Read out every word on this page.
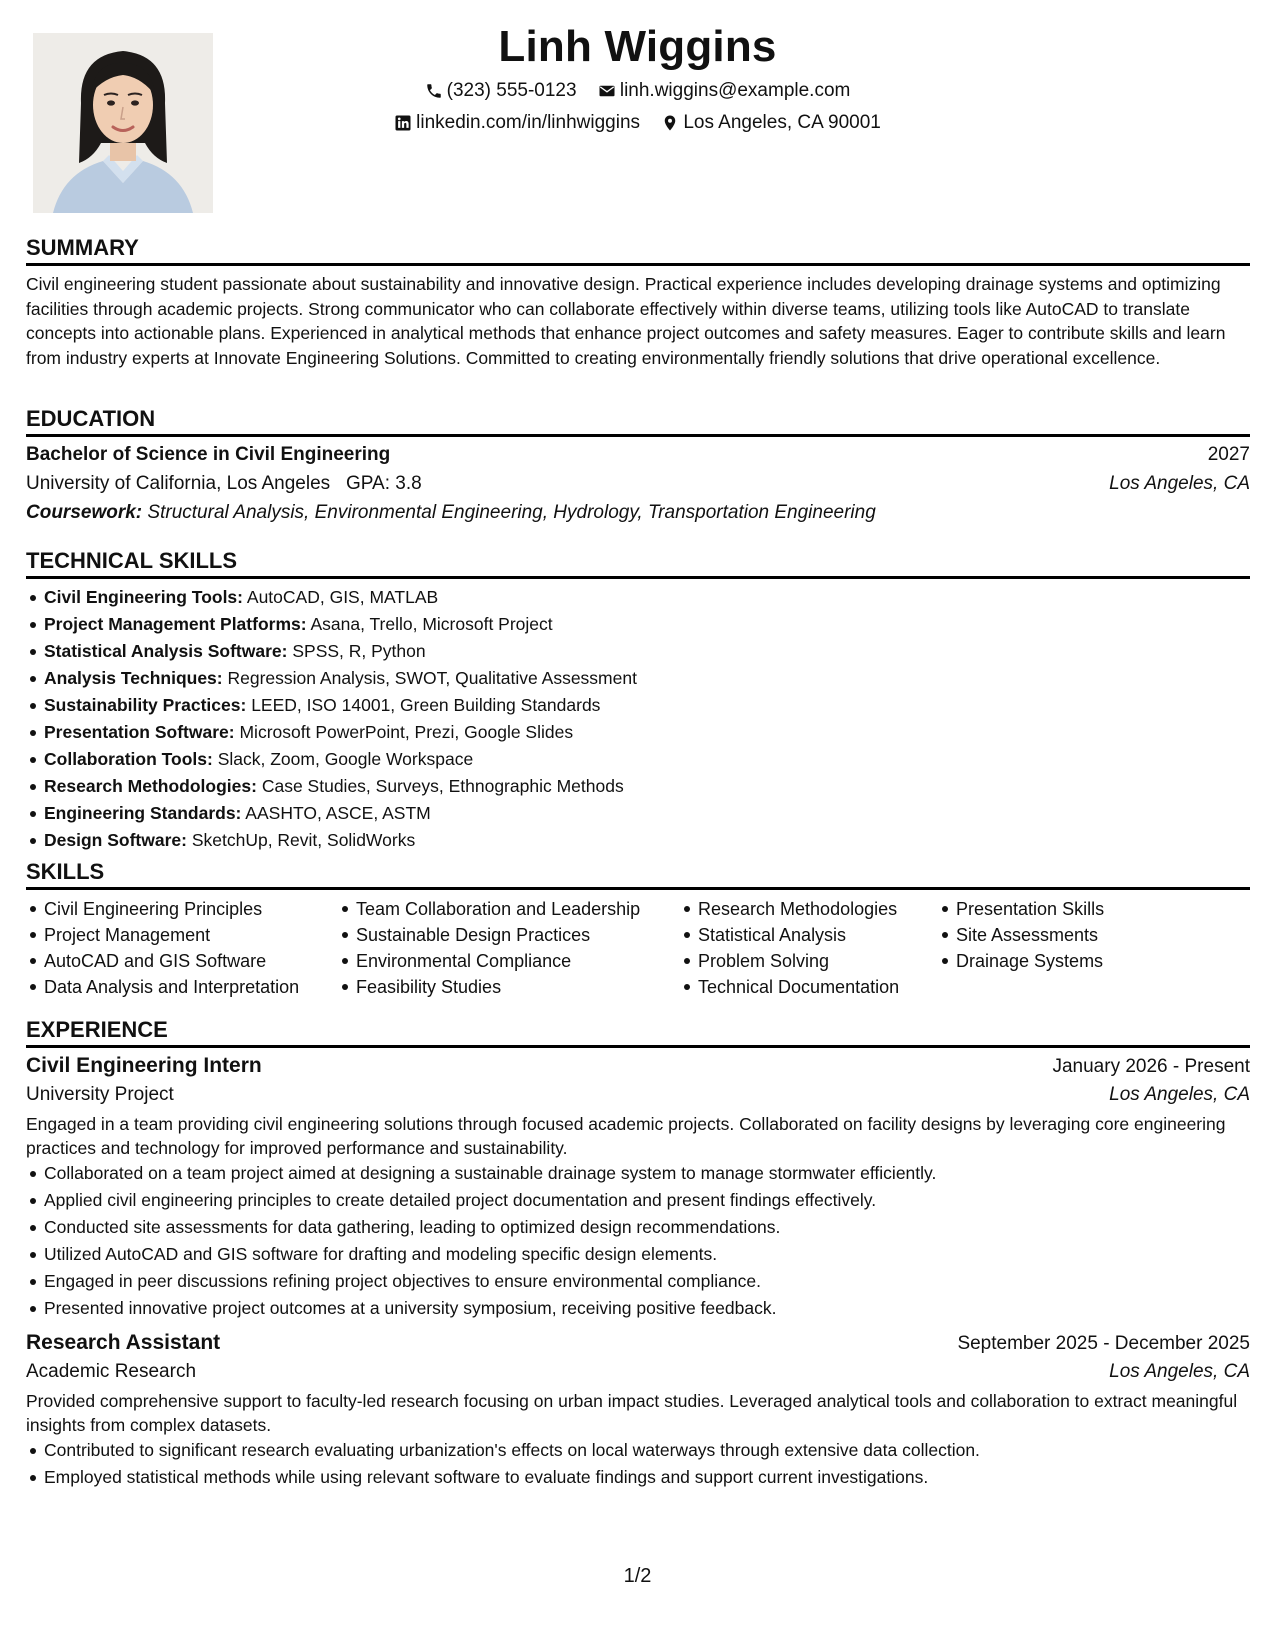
Linh Wiggins
(323) 555-0123
linh.wiggins@example.com
linkedin.com/in/linhwiggins
Los Angeles, CA 90001
SUMMARY
Civil engineering student passionate about sustainability and innovative design. Practical experience includes developing drainage systems and optimizing facilities through academic projects. Strong communicator who can collaborate effectively within diverse teams, utilizing tools like AutoCAD to translate concepts into actionable plans. Experienced in analytical methods that enhance project outcomes and safety measures. Eager to contribute skills and learn from industry experts at Innovate Engineering Solutions. Committed to creating environmentally friendly solutions that drive operational excellence.
EDUCATION
Bachelor of Science in Civil Engineering	2027
University of California, Los Angeles GPA: 3.8	Los Angeles, CA
Coursework: Structural Analysis, Environmental Engineering, Hydrology, Transportation Engineering
TECHNICAL SKILLS
Civil Engineering Tools: AutoCAD, GIS, MATLAB
Project Management Platforms: Asana, Trello, Microsoft Project
Statistical Analysis Software: SPSS, R, Python
Analysis Techniques: Regression Analysis, SWOT, Qualitative Assessment
Sustainability Practices: LEED, ISO 14001, Green Building Standards
Presentation Software: Microsoft PowerPoint, Prezi, Google Slides
Collaboration Tools: Slack, Zoom, Google Workspace
Research Methodologies: Case Studies, Surveys, Ethnographic Methods
Engineering Standards: AASHTO, ASCE, ASTM
Design Software: SketchUp, Revit, SolidWorks
SKILLS
Civil Engineering Principles
Project Management
AutoCAD and GIS Software
Data Analysis and Interpretation
Team Collaboration and Leadership
Sustainable Design Practices
Environmental Compliance
Feasibility Studies
Research Methodologies
Statistical Analysis
Problem Solving
Technical Documentation
Presentation Skills
Site Assessments
Drainage Systems
EXPERIENCE
Civil Engineering Intern	January 2026 - Present
University Project	Los Angeles, CA
Engaged in a team providing civil engineering solutions through focused academic projects. Collaborated on facility designs by leveraging core engineering practices and technology for improved performance and sustainability.
Collaborated on a team project aimed at designing a sustainable drainage system to manage stormwater efficiently.
Applied civil engineering principles to create detailed project documentation and present findings effectively.
Conducted site assessments for data gathering, leading to optimized design recommendations.
Utilized AutoCAD and GIS software for drafting and modeling specific design elements.
Engaged in peer discussions refining project objectives to ensure environmental compliance.
Presented innovative project outcomes at a university symposium, receiving positive feedback.
Research Assistant	September 2025 - December 2025
Academic Research	Los Angeles, CA
Provided comprehensive support to faculty-led research focusing on urban impact studies. Leveraged analytical tools and collaboration to extract meaningful insights from complex datasets.
Contributed to significant research evaluating urbanization's effects on local waterways through extensive data collection.
Employed statistical methods while using relevant software to evaluate findings and support current investigations.
1/2
